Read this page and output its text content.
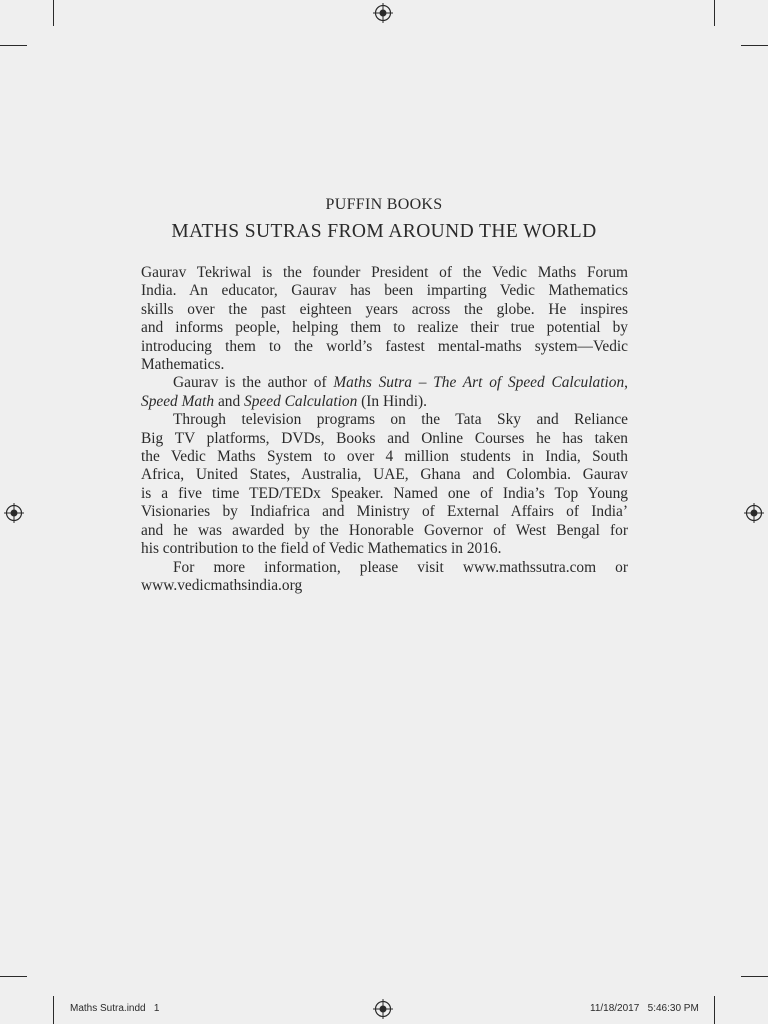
PUFFIN BOOKS
MATHS SUTRAS FROM AROUND THE WORLD

Gaurav Tekriwal is the founder President of the Vedic Maths Forum
India. An educator, Gaurav has been imparting Vedic Mathematics
skills over the past eighteen years across the globe. He inspires
and informs people, helping them to realize their true potential by
introducing them to the world’s fastest mental-maths system—Vedic
Mathematics.

Gaurav is the author of Maths Sutra – The Art of Speed Calculation, Speed Math and Speed Calculation (In Hindi).

Through television programs on the Tata Sky and Reliance
Big TV platforms, DVDs, Books and Online Courses he has taken
the Vedic Maths System to over 4 million students in India, South
Africa, United States, Australia, UAE, Ghana and Colombia. Gaurav
is a five time TED/TEDx Speaker. Named one of India’s Top Young
Visionaries by Indiafrica and Ministry of External Affairs of India’
and he was awarded by the Honorable Governor of West Bengal for
his contribution to the field of Vedic Mathematics in 2016.

For more information, please visit www.mathssutra.com or
www.vedicmathsindia.org

Maths Sutra.indd   1	11/18/2017   5:46:30 PM
